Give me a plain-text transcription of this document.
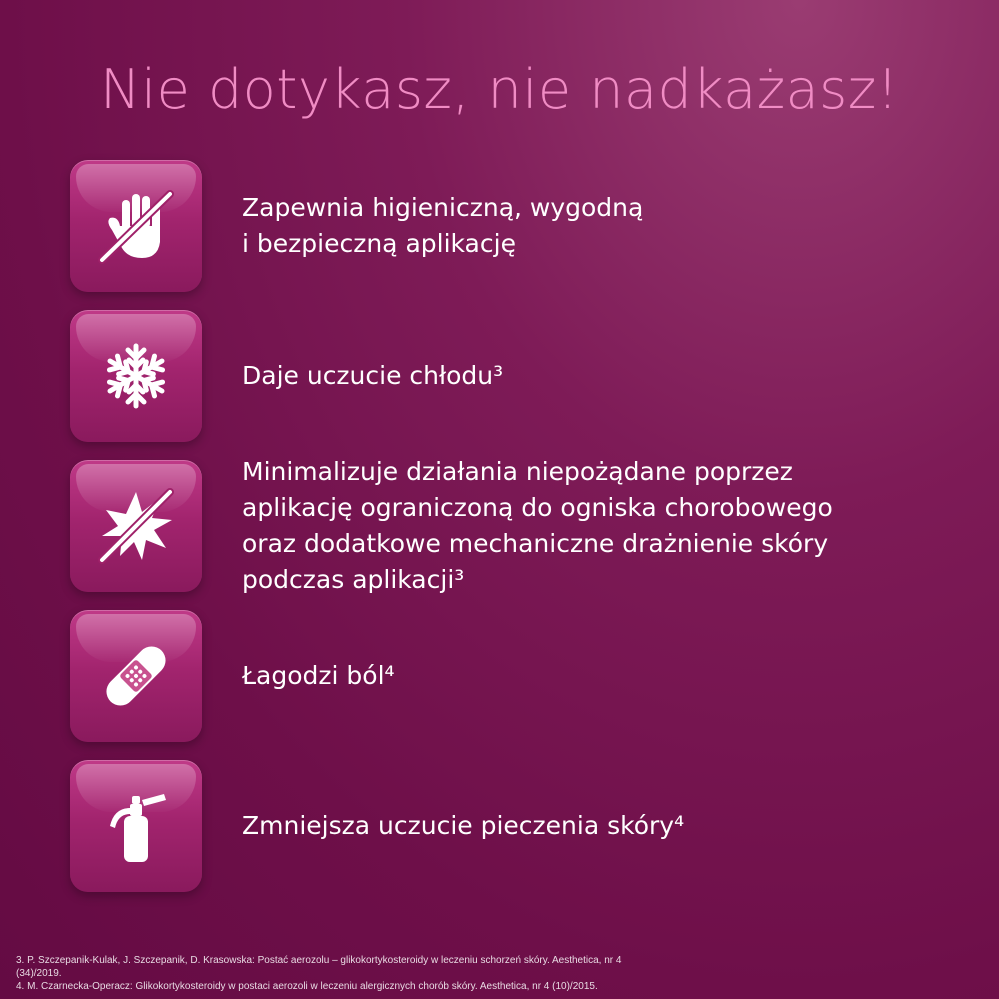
Nie dotykasz, nie nadkażasz!
Zapewnia higieniczną, wygodną
i bezpieczną aplikację
Daje uczucie chłodu³
Minimalizuje działania niepożądane poprzez
aplikację ograniczoną do ogniska chorobowego
oraz dodatkowe mechaniczne drażnienie skóry
podczas aplikacji³
Łagodzi ból⁴
Zmniejsza uczucie pieczenia skóry⁴
3. P. Szczepanik-Kulak, J. Szczepanik, D. Krasowska: Postać aerozolu – glikokortykosteroidy w leczeniu schorzeń skóry. Aesthetica, nr 4
(34)/2019.
4. M. Czarnecka-Operacz: Glikokortykosteroidy w postaci aerozoli w leczeniu alergicznych chorób skóry. Aesthetica, nr 4 (10)/2015.
